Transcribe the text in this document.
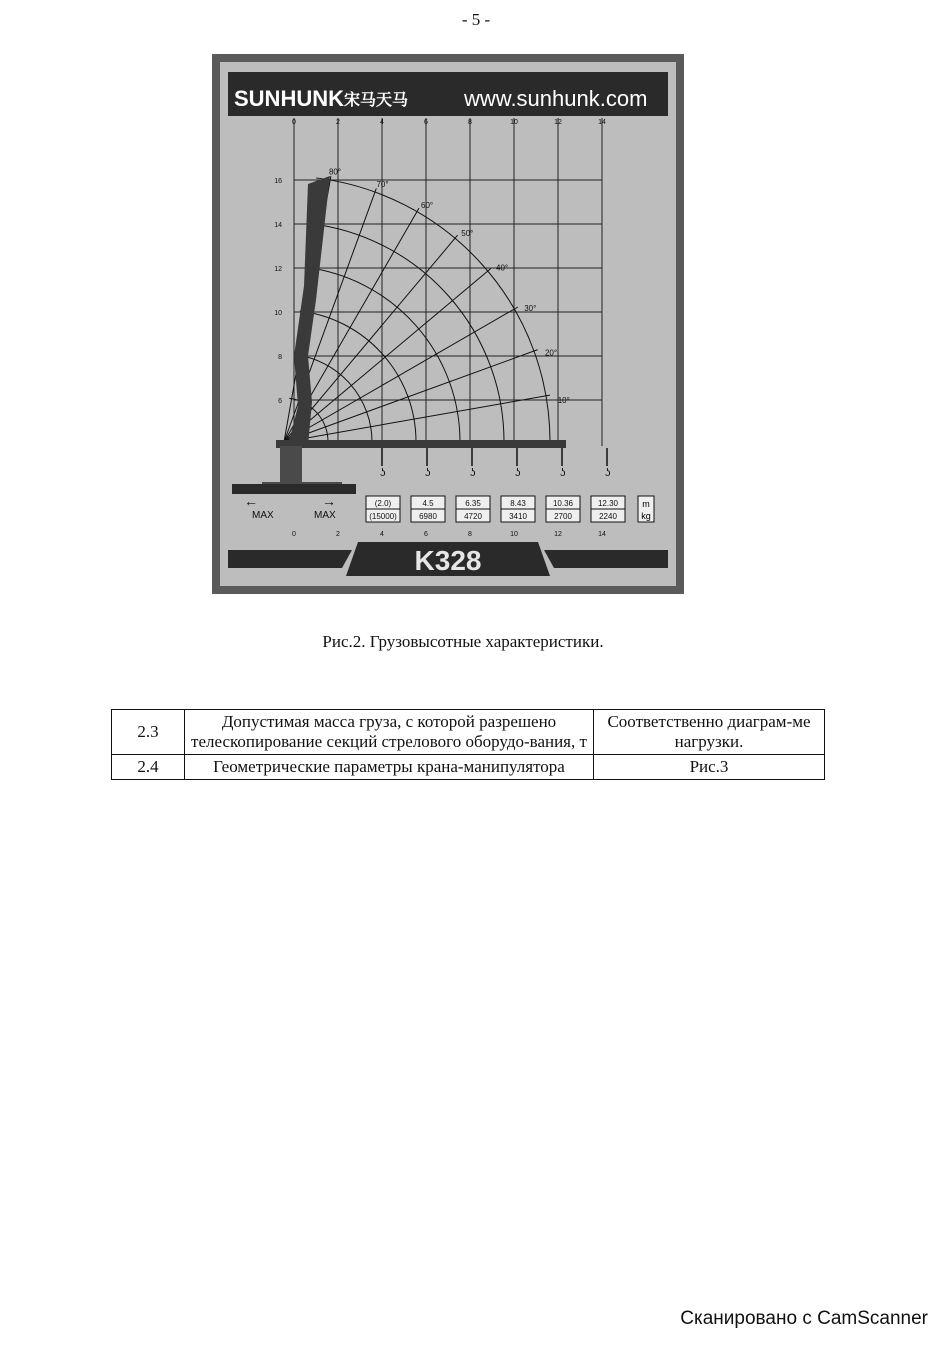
- 5 -
SUNHUNK 宋马天马	www.sunhunk.com
0	2	4	6	8	10	12	14
6
8
10
12
14
16
80°
70°
60°
50°
40°
30°
20°
10°
ʖ	ʖ	ʖ	ʖ	ʖ	ʖ
MAX	MAX
←	→	(2.0)
(15000)
4.5
6980
6.35
4720
8.43
3410
10.36
2700
12.30
2240
m
kg
0	2	4	6	8	10	12	14
K328
Рис.2. Грузовысотные характеристики.
2.3	Допустимая масса груза, с которой разрешено телескопирование секций стрелового оборудо-вания, т	Соответственно диаграм-ме нагрузки.
2.4	Геометрические параметры крана-манипулятора	Рис.3
Сканировано с CamScanner
